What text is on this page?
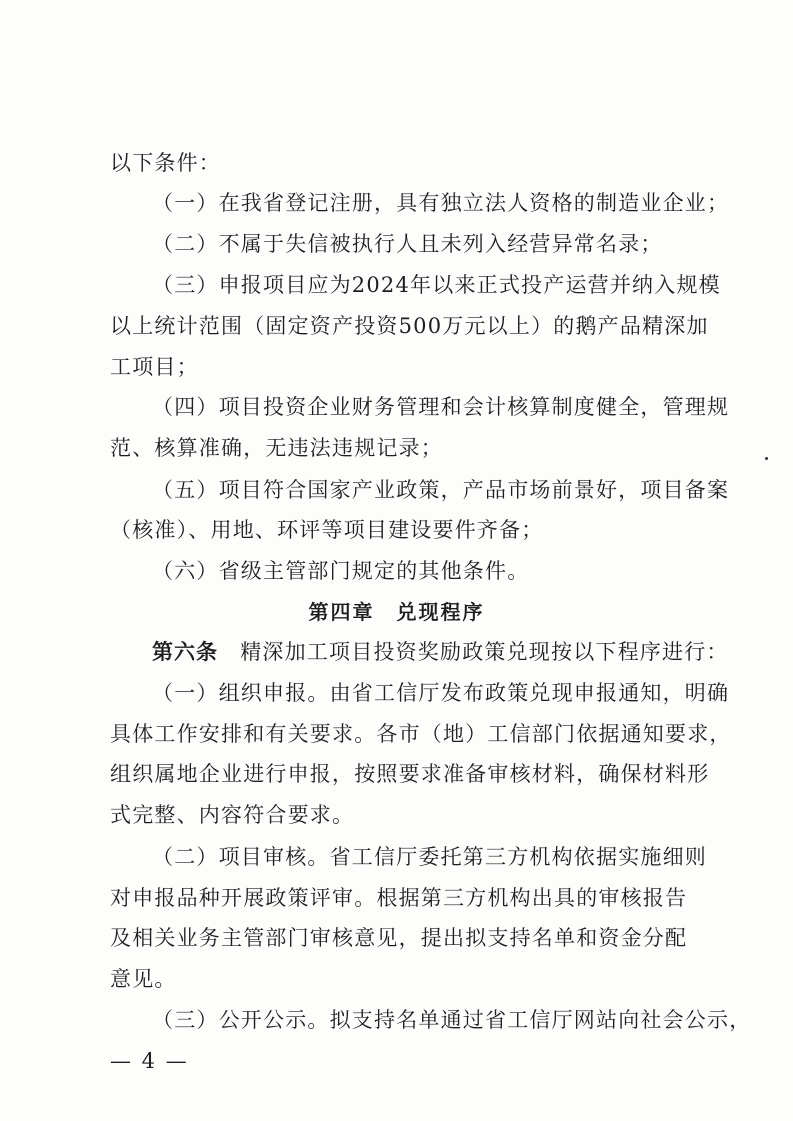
以下条件：
（一）在我省登记注册，具有独立法人资格的制造业企业；
（二）不属于失信被执行人且未列入经营异常名录；
（三）申报项目应为2024年以来正式投产运营并纳入规模
以上统计范围（固定资产投资500万元以上）的鹅产品精深加
工项目；
（四）项目投资企业财务管理和会计核算制度健全，管理规
范、核算准确，无违法违规记录；
（五）项目符合国家产业政策，产品市场前景好，项目备案
（核准）、用地、环评等项目建设要件齐备；
（六）省级主管部门规定的其他条件。
第四章　兑现程序
第六条　精深加工项目投资奖励政策兑现按以下程序进行：
（一）组织申报。由省工信厅发布政策兑现申报通知，明确
具体工作安排和有关要求。各市（地）工信部门依据通知要求，
组织属地企业进行申报，按照要求准备审核材料，确保材料形
式完整、内容符合要求。
（二）项目审核。省工信厅委托第三方机构依据实施细则
对申报品种开展政策评审。根据第三方机构出具的审核报告
及相关业务主管部门审核意见，提出拟支持名单和资金分配
意见。
（三）公开公示。拟支持名单通过省工信厅网站向社会公示，
— 4 —
